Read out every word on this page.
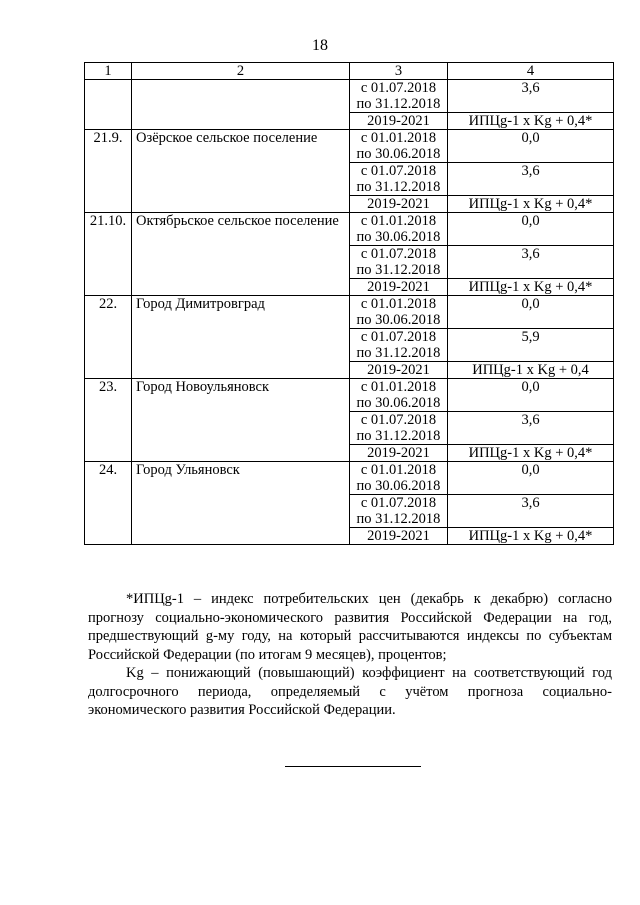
18
1	2	3	4
		с 01.07.2018 по 31.12.2018	3,6
		2019-2021	ИПЦg-1 х Kg + 0,4*
21.9.	Озёрское сельское поселение	с 01.01.2018 по 30.06.2018	0,0
		с 01.07.2018 по 31.12.2018	3,6
		2019-2021	ИПЦg-1 х Kg + 0,4*
21.10.	Октябрьское сельское поселение	с 01.01.2018 по 30.06.2018	0,0
		с 01.07.2018 по 31.12.2018	3,6
		2019-2021	ИПЦg-1 х Kg + 0,4*
22.	Город Димитровград	с 01.01.2018 по 30.06.2018	0,0
		с 01.07.2018 по 31.12.2018	5,9
		2019-2021	ИПЦg-1 х Kg + 0,4
23.	Город Новоульяновск	с 01.01.2018 по 30.06.2018	0,0
		с 01.07.2018 по 31.12.2018	3,6
		2019-2021	ИПЦg-1 х Kg + 0,4*
24.	Город Ульяновск	с 01.01.2018 по 30.06.2018	0,0
		с 01.07.2018 по 31.12.2018	3,6
		2019-2021	ИПЦg-1 х Kg + 0,4*

*ИПЦg-1 – индекс потребительских цен (декабрь к декабрю) согласно прогнозу социально-экономического развития Российской Федерации на год, предшествующий g-му году, на который рассчитываются индексы по субъектам Российской Федерации (по итогам 9 месяцев), процентов;

Kg – понижающий (повышающий) коэффициент на соответствующий год долгосрочного периода, определяемый с учётом прогноза социально-экономического развития Российской Федерации.
